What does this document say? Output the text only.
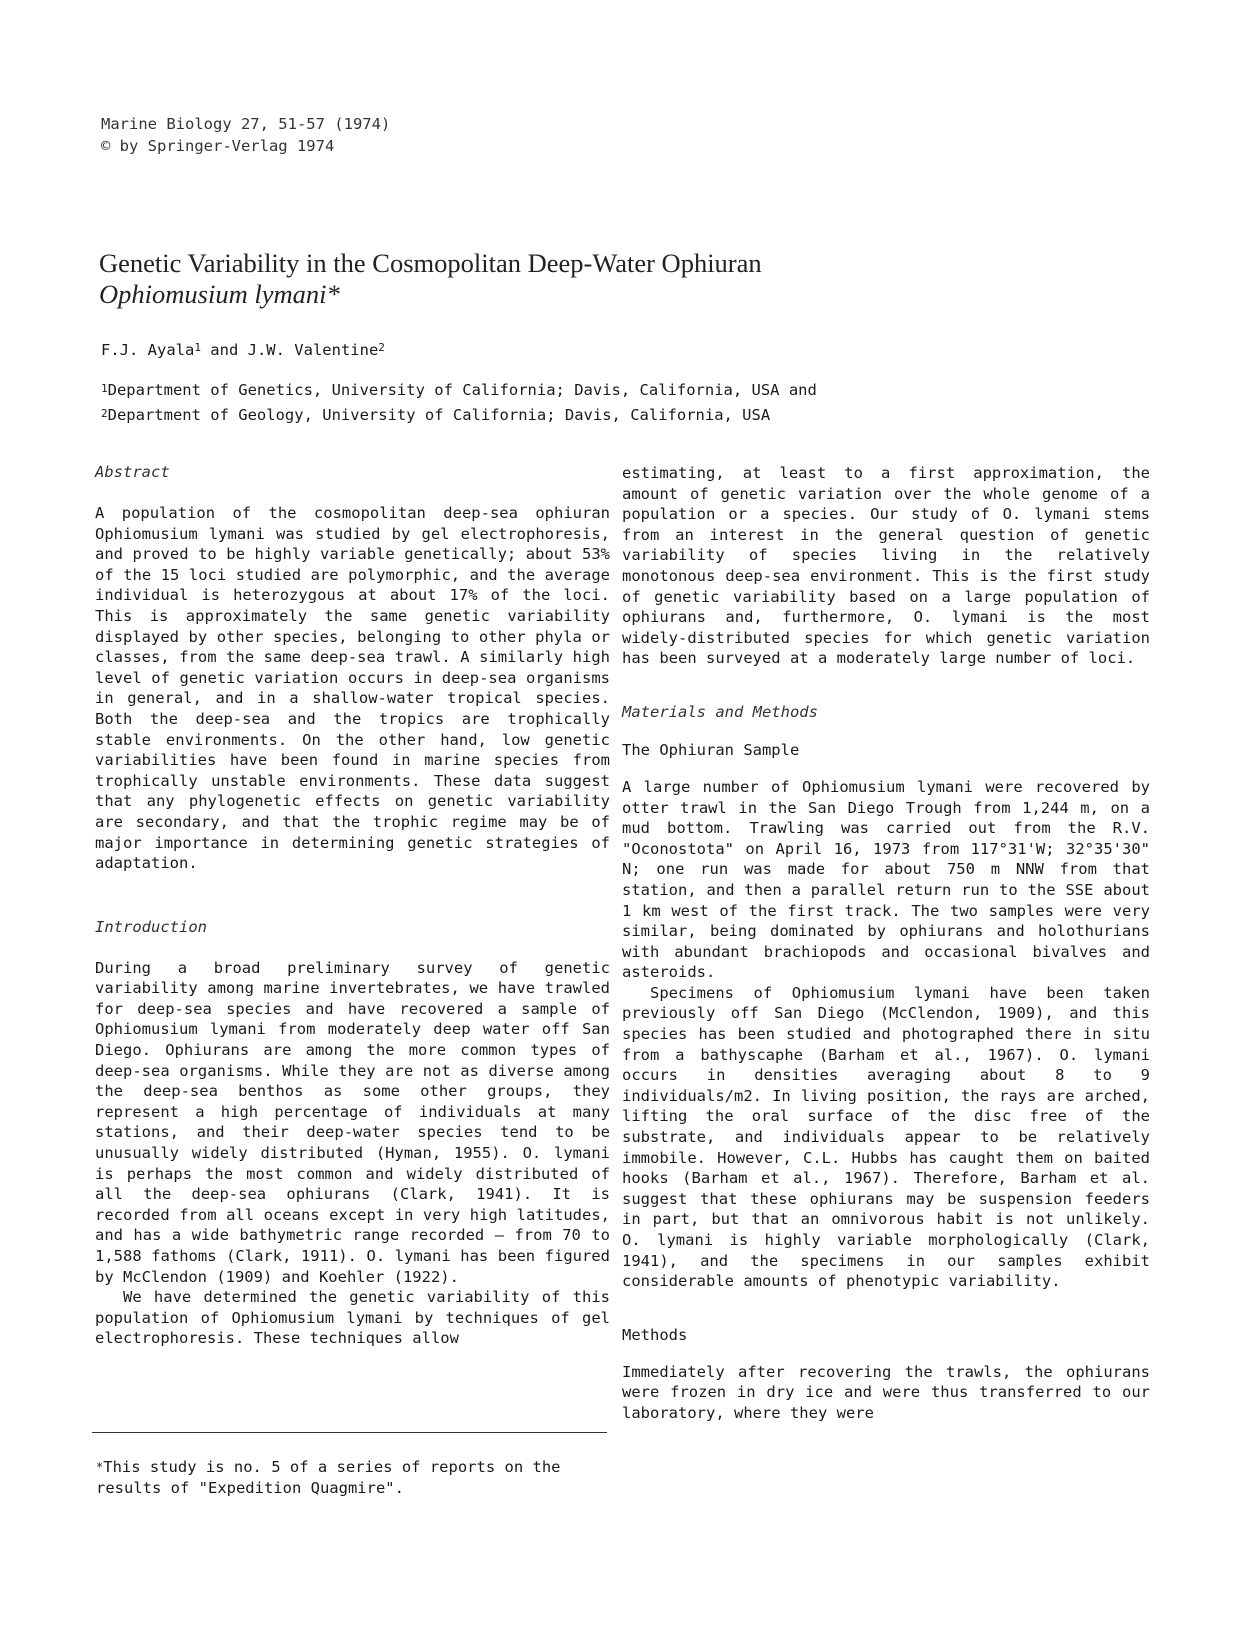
Marine Biology 27, 51-57 (1974)
© by Springer-Verlag 1974
Genetic Variability in the Cosmopolitan Deep-Water Ophiuran
Ophiomusium lymani*
F.J. Ayala$^1$ and J.W. Valentine$^2$
$^1$Department of Genetics, University of California; Davis, California, USA and
$^2$Department of Geology, University of California; Davis, California, USA
Abstract

A population of the cosmopolitan deep-sea ophiuran Ophiomusium lymani was studied by gel electrophoresis, and proved to be highly variable genetically; about 53% of the 15 loci studied are polymorphic, and the average individual is heterozygous at about 17% of the loci. This is approximately the same genetic variability displayed by other species, belonging to other phyla or classes, from the same deep-sea trawl. A similarly high level of genetic variation occurs in deep-sea organisms in general, and in a shallow-water tropical species. Both the deep-sea and the tropics are trophically stable environments. On the other hand, low genetic variabilities have been found in marine species from trophically unstable environments. These data suggest that any phylogenetic effects on genetic variability are secondary, and that the trophic regime may be of major importance in determining genetic strategies of adaptation.

Introduction

During a broad preliminary survey of genetic variability among marine invertebrates, we have trawled for deep-sea species and have recovered a sample of Ophiomusium lymani from moderately deep water off San Diego. Ophiurans are among the more common types of deep-sea organisms. While they are not as diverse among the deep-sea benthos as some other groups, they represent a high percentage of individuals at many stations, and their deep-water species tend to be unusually widely distributed (Hyman, 1955). O. lymani is perhaps the most common and widely distributed of all the deep-sea ophiurans (Clark, 1941). It is recorded from all oceans except in very high latitudes, and has a wide bathymetric range recorded — from 70 to 1,588 fathoms (Clark, 1911). O. lymani has been figured by McClendon (1909) and Koehler (1922).

We have determined the genetic variability of this population of Ophiomusium lymani by techniques of gel electrophoresis. These techniques allow

estimating, at least to a first approximation, the amount of genetic variation over the whole genome of a population or a species. Our study of O. lymani stems from an interest in the general question of genetic variability of species living in the relatively monotonous deep-sea environment. This is the first study of genetic variability based on a large population of ophiurans and, furthermore, O. lymani is the most widely-distributed species for which genetic variation has been surveyed at a moderately large number of loci.

Materials and Methods
The Ophiuran Sample

A large number of Ophiomusium lymani were recovered by otter trawl in the San Diego Trough from 1,244 m, on a mud bottom. Trawling was carried out from the R.V. "Oconostota" on April 16, 1973 from 117°31'W; 32°35'30" N; one run was made for about 750 m NNW from that station, and then a parallel return run to the SSE about 1 km west of the first track. The two samples were very similar, being dominated by ophiurans and holothurians with abundant brachiopods and occasional bivalves and asteroids.

Specimens of Ophiomusium lymani have been taken previously off San Diego (McClendon, 1909), and this species has been studied and photographed there in situ from a bathyscaphe (Barham et al., 1967). O. lymani occurs in densities averaging about 8 to 9 individuals/m2. In living position, the rays are arched, lifting the oral surface of the disc free of the substrate, and individuals appear to be relatively immobile. However, C.L. Hubbs has caught them on baited hooks (Barham et al., 1967). Therefore, Barham et al. suggest that these ophiurans may be suspension feeders in part, but that an omnivorous habit is not unlikely. O. lymani is highly variable morphologically (Clark, 1941), and the specimens in our samples exhibit considerable amounts of phenotypic variability.

Methods

Immediately after recovering the trawls, the ophiurans were frozen in dry ice and were thus transferred to our laboratory, where they were

*This study is no. 5 of a series of reports on the results of "Expedition Quagmire".
